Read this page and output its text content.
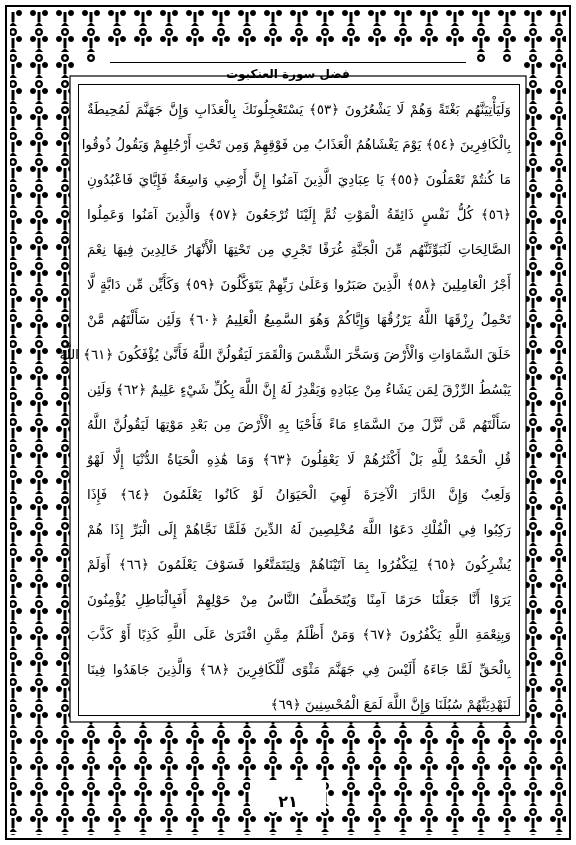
فضل سورة العنكبوت
وَلَيَأْتِيَنَّهُم بَغْتَةً وَهُمْ لَا يَشْعُرُونَ ﴿٥٣﴾ يَسْتَعْجِلُونَكَ بِالْعَذَابِ وَإِنَّ جَهَنَّمَ لَمُحِيطَةٌ
بِالْكَافِرِينَ ﴿٥٤﴾ يَوْمَ يَغْشَاهُمُ الْعَذَابُ مِن فَوْقِهِمْ وَمِن تَحْتِ أَرْجُلِهِمْ وَيَقُولُ ذُوقُوا
مَا كُنتُمْ تَعْمَلُونَ ﴿٥٥﴾ يَا عِبَادِيَ الَّذِينَ آمَنُوا إِنَّ أَرْضِي وَاسِعَةٌ فَإِيَّايَ فَاعْبُدُونِ
﴿٥٦﴾ كُلُّ نَفْسٍ ذَائِقَةُ الْمَوْتِ ثُمَّ إِلَيْنَا تُرْجَعُونَ ﴿٥٧﴾ وَالَّذِينَ آمَنُوا وَعَمِلُوا
الصَّالِحَاتِ لَنُبَوِّئَنَّهُم مِّنَ الْجَنَّةِ غُرَفًا تَجْرِي مِن تَحْتِهَا الْأَنْهَارُ خَالِدِينَ فِيهَا نِعْمَ
أَجْرُ الْعَامِلِينَ ﴿٥٨﴾ الَّذِينَ صَبَرُوا وَعَلَىٰ رَبِّهِمْ يَتَوَكَّلُونَ ﴿٥٩﴾ وَكَأَيِّن مِّن دَابَّةٍ لَّا
تَحْمِلُ رِزْقَهَا اللَّهُ يَرْزُقُهَا وَإِيَّاكُمْ وَهُوَ السَّمِيعُ الْعَلِيمُ ﴿٦٠﴾ وَلَئِن سَأَلْتَهُم مَّنْ
خَلَقَ السَّمَاوَاتِ وَالْأَرْضَ وَسَخَّرَ الشَّمْسَ وَالْقَمَرَ لَيَقُولُنَّ اللَّهُ فَأَنَّىٰ يُؤْفَكُونَ ﴿٦١﴾ اللَّهُ
يَبْسُطُ الرِّزْقَ لِمَن يَشَاءُ مِنْ عِبَادِهِ وَيَقْدِرُ لَهُ إِنَّ اللَّهَ بِكُلِّ شَيْءٍ عَلِيمٌ ﴿٦٢﴾ وَلَئِن
سَأَلْتَهُم مَّن نَّزَّلَ مِنَ السَّمَاءِ مَاءً فَأَحْيَا بِهِ الْأَرْضَ مِن بَعْدِ مَوْتِهَا لَيَقُولُنَّ اللَّهُ
قُلِ الْحَمْدُ لِلَّهِ بَلْ أَكْثَرُهُمْ لَا يَعْقِلُونَ ﴿٦٣﴾ وَمَا هَٰذِهِ الْحَيَاةُ الدُّنْيَا إِلَّا لَهْوٌ
وَلَعِبٌ وَإِنَّ الدَّارَ الْآخِرَةَ لَهِيَ الْحَيَوَانُ لَوْ كَانُوا يَعْلَمُونَ ﴿٦٤﴾ فَإِذَا
رَكِبُوا فِي الْفُلْكِ دَعَوُا اللَّهَ مُخْلِصِينَ لَهُ الدِّينَ فَلَمَّا نَجَّاهُمْ إِلَى الْبَرِّ إِذَا هُمْ
يُشْرِكُونَ ﴿٦٥﴾ لِيَكْفُرُوا بِمَا آتَيْنَاهُمْ وَلِيَتَمَتَّعُوا فَسَوْفَ يَعْلَمُونَ ﴿٦٦﴾ أَوَلَمْ
يَرَوْا أَنَّا جَعَلْنَا حَرَمًا آمِنًا وَيُتَخَطَّفُ النَّاسُ مِنْ حَوْلِهِمْ أَفَبِالْبَاطِلِ يُؤْمِنُونَ
وَبِنِعْمَةِ اللَّهِ يَكْفُرُونَ ﴿٦٧﴾ وَمَنْ أَظْلَمُ مِمَّنِ افْتَرَىٰ عَلَى اللَّهِ كَذِبًا أَوْ كَذَّبَ
بِالْحَقِّ لَمَّا جَاءَهُ أَلَيْسَ فِي جَهَنَّمَ مَثْوًى لِّلْكَافِرِينَ ﴿٦٨﴾ وَالَّذِينَ جَاهَدُوا فِينَا
لَنَهْدِيَنَّهُمْ سُبُلَنَا وَإِنَّ اللَّهَ لَمَعَ الْمُحْسِنِينَ ﴿٦٩﴾
٢١
